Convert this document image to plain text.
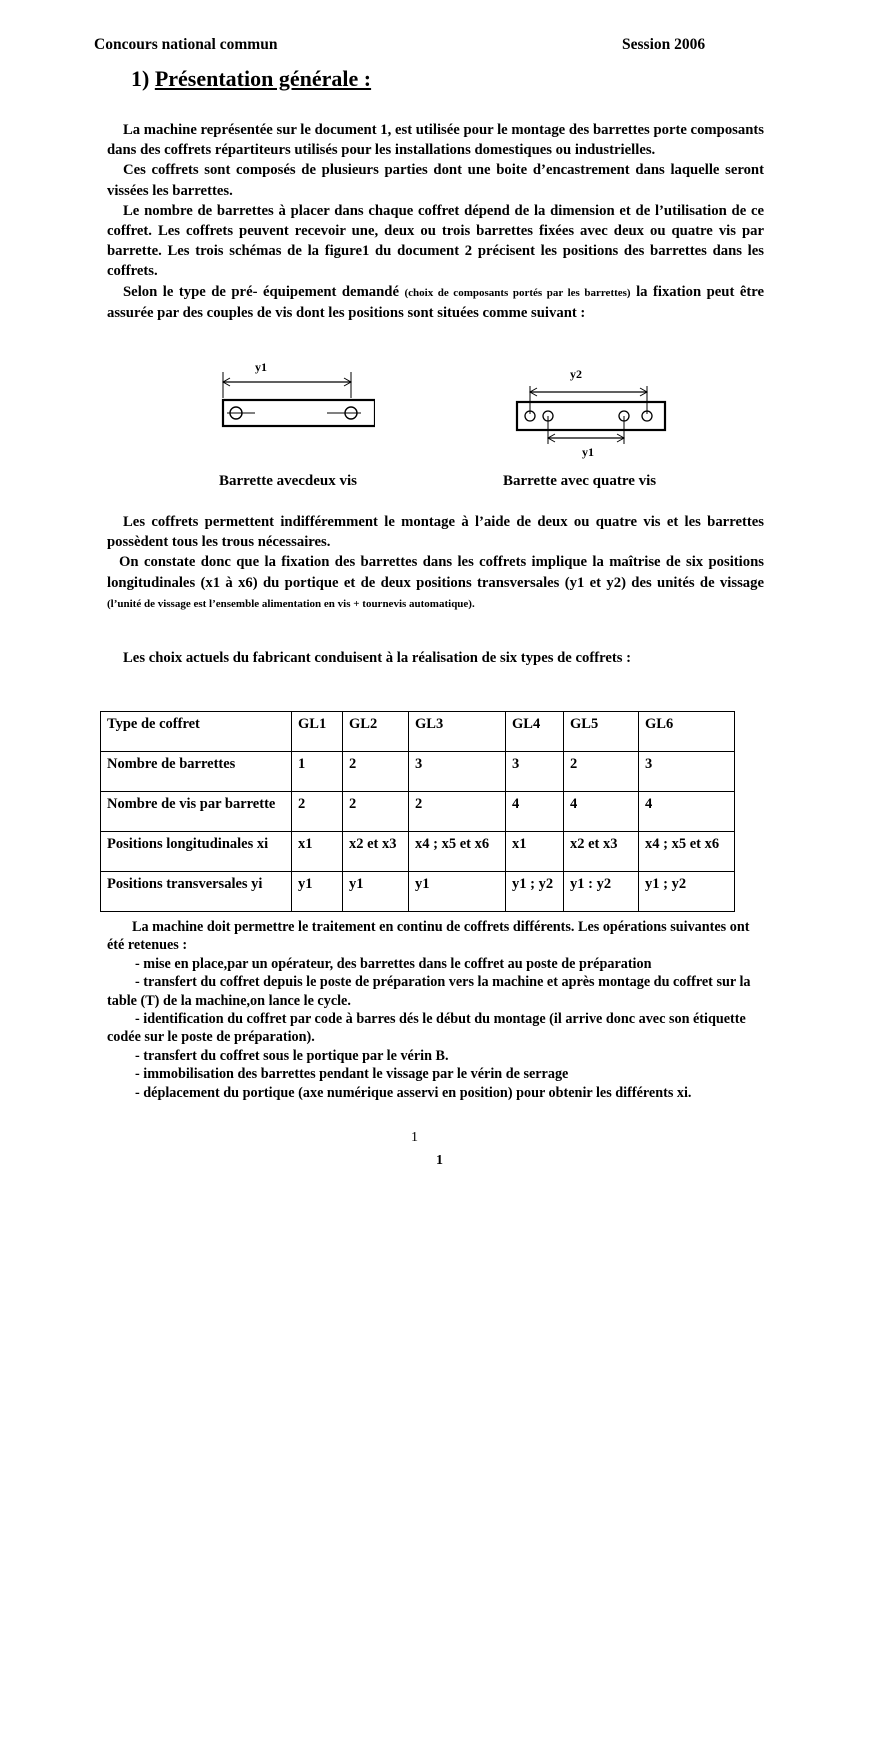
Concours national commun	Session 2006
1) Présentation générale :

La machine représentée sur le document 1, est utilisée pour le montage des barrettes porte composants dans des coffrets répartiteurs utilisés pour les installations domestiques ou industrielles.

Ces coffrets sont composés de plusieurs parties dont une boite d’encastrement dans laquelle seront vissées les barrettes.

Le nombre de barrettes à placer dans chaque coffret dépend de la dimension et de l’utilisation de ce coffret. Les coffrets peuvent recevoir une, deux ou trois barrettes fixées avec deux ou quatre vis par barrette. Les trois schémas de la figure1 du document 2 précisent les positions des barrettes dans les coffrets.

Selon le type de pré- équipement demandé (choix de composants portés par les barrettes) la fixation peut être assurée par des couples de vis dont les positions sont situées comme suivant :

y1	y2
y1
Barrette avecdeux vis	Barrette avec quatre vis

Les coffrets permettent indifféremment le montage à l’aide de deux ou quatre vis et les barrettes possèdent tous les trous nécessaires.

On constate donc que la fixation des barrettes dans les coffrets implique la maîtrise de six positions longitudinales (x1 à x6) du portique et de deux positions transversales (y1 et y2) des unités de vissage (l’unité de vissage est l’ensemble alimentation en vis + tournevis automatique).

Les choix actuels du fabricant conduisent à la réalisation de six types de coffrets :

Type de coffret	GL1	GL2	GL3	GL4	GL5	GL6
Nombre de barrettes	1	2	3	3	2	3
Nombre de vis par barrette	2	2	2	4	4	4
Positions longitudinales xi	x1	x2 et x3	x4 ; x5 et x6	x1	x2 et x3	x4 ; x5 et x6
Positions transversales yi	y1	y1	y1	y1 ; y2	y1 : y2	y1 ; y2
La machine doit permettre le traitement en continu de coffrets différents. Les opérations suivantes ont été retenues :
- mise en place,par un opérateur, des barrettes dans le coffret au poste de préparation
- transfert du coffret depuis le poste de préparation vers la machine et après montage du coffret sur la table (T) de la machine,on lance le cycle.
- identification du coffret par code à barres dés le début du montage (il arrive donc avec son étiquette codée sur le poste de préparation).
- transfert du coffret sous le portique par le vérin B.
- immobilisation des barrettes pendant le vissage par le vérin de serrage
- déplacement du portique (axe numérique asservi en position) pour obtenir les différents xi.
1
1
